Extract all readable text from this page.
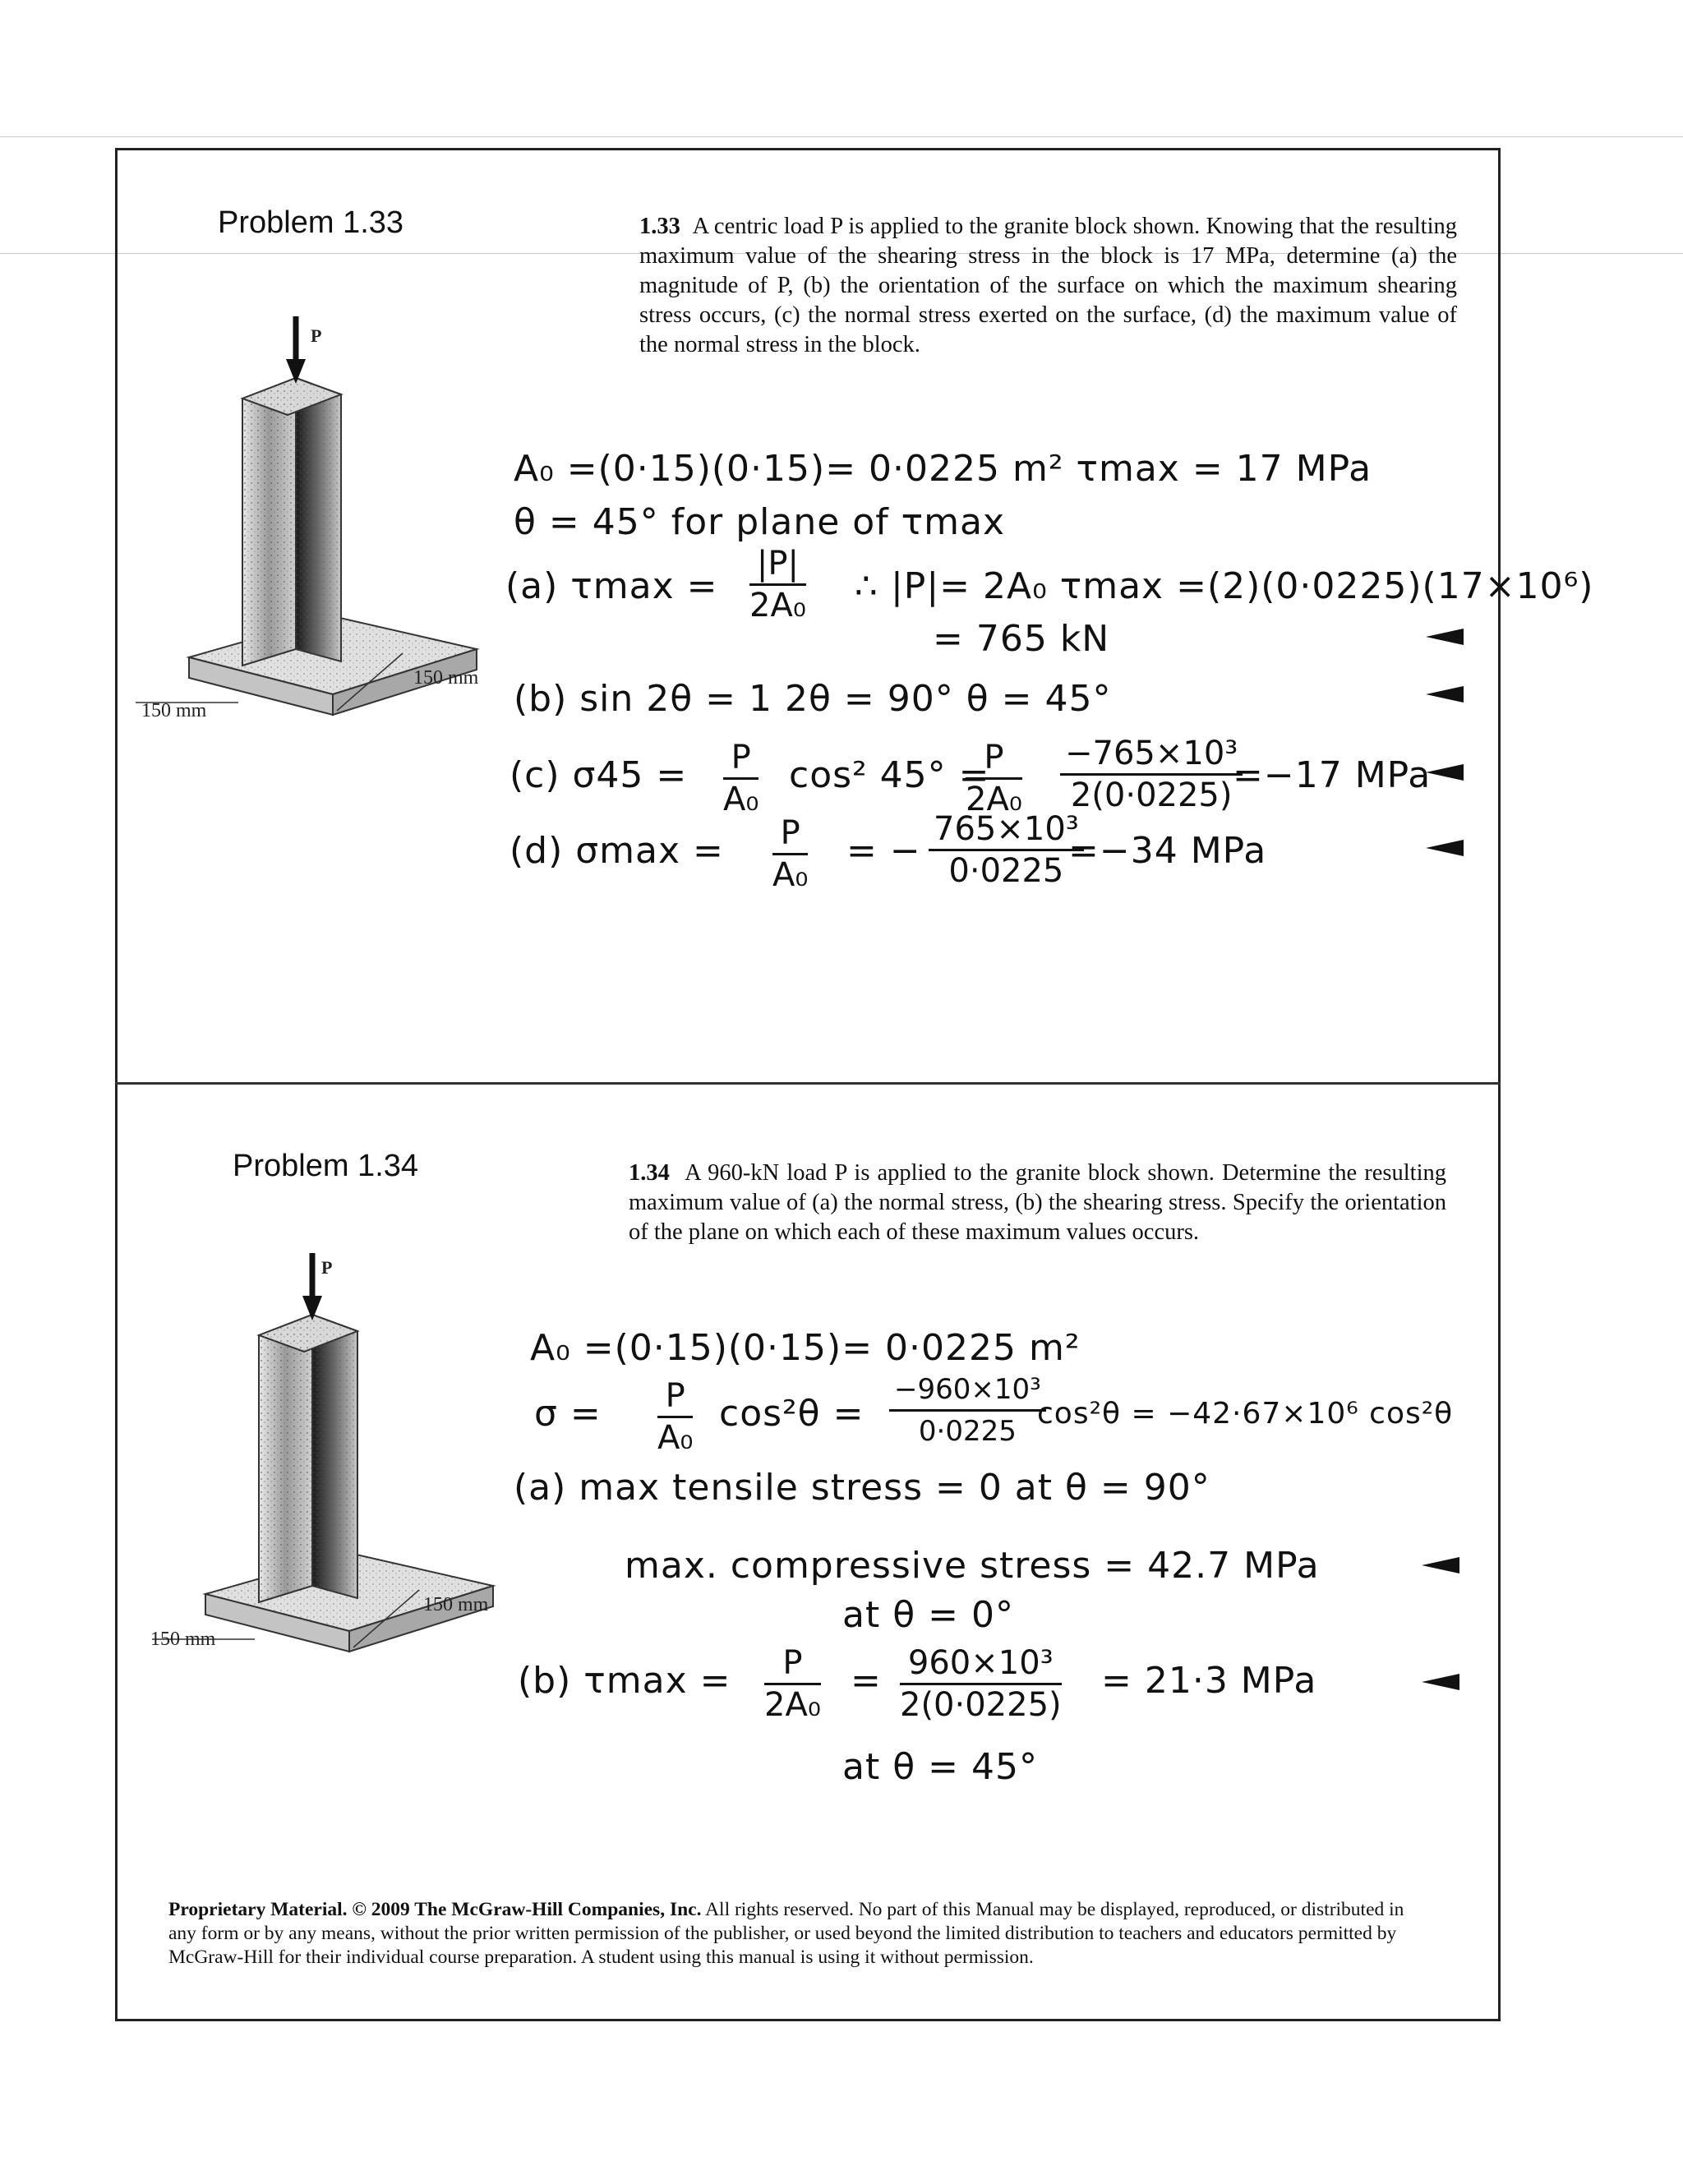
Problem 1.33	1.33 A centric load P is applied to the granite block shown. Knowing that the resulting maximum value of the shearing stress in the block is 17 MPa, determine (a) the magnitude of P, (b) the orientation of the surface on which the maximum shearing stress occurs, (c) the normal stress exerted on the surface, (d) the maximum value of the normal stress in the block.
P
150 mm
150 mm
A₀ =(0·15)(0·15)= 0·0225 m² τmax = 17 MPa
θ = 45° for plane of τmax
(a) $\tau\max = \frac{|P|}{\text{2A₀}}$ ∴ |P|= 2A₀ τmax =(2)(0·0225)(17×10⁶)
= 765 kN
(b) sin 2θ = 1 2θ = 90° θ = 45°
(c) $\sigma 45 = \frac{P}{\text{A₀}} \cos^2$ 45° =
$\frac{P}{\text{2A₀}} \frac{\text{−765×10³}}{2(0\cdot 0225)}$
=−17 MPa
(d) $\sigma\max = \frac{P}{\text{A₀}}$ = − $\frac{\text{765×10³}}{0\cdot 0225}$
=−34 MPa
Problem 1.34	1.34 A 960-kN load P is applied to the granite block shown. Determine the resulting maximum value of (a) the normal stress, (b) the shearing stress. Specify the orientation of the plane on which each of these maximum values occurs.
P
150 mm
150 mm
A₀ =(0·15)(0·15)= 0·0225 m²
$\sigma = \frac{P}{\text{A₀}} \cos^2\theta = \frac{\text{−960×10³}}{0\cdot 0225}$
cos²θ = −42·67×10⁶ cos²θ
(a) max tensile stress = 0 at θ = 90°
max. compressive stress = 42.7 MPa
at θ = 0°
(b) $\tau\max = \frac{P}{\text{2A₀}} = \frac{\text{960×10³}}{2(0\cdot 0225)} = 21\cdot 3$ MPa
at θ = 45°
Proprietary Material. © 2009 The McGraw-Hill Companies, Inc. All rights reserved. No part of this Manual may be displayed, reproduced, or distributed in any form or by any means, without the prior written permission of the publisher, or used beyond the limited distribution to teachers and educators permitted by McGraw-Hill for their individual course preparation. A student using this manual is using it without permission.
